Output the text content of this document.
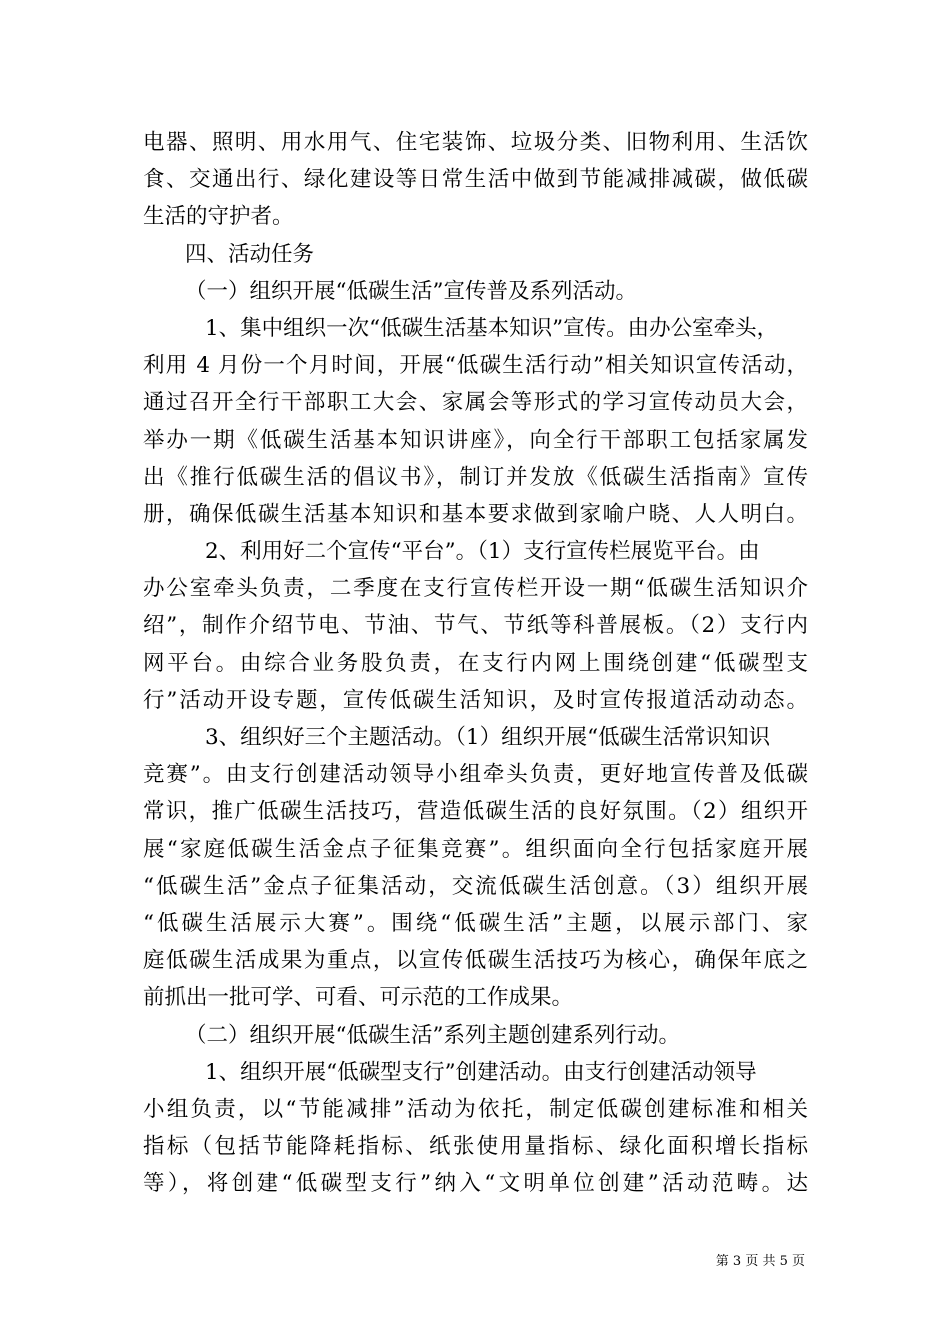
电器、照明、用水用气、住宅装饰、垃圾分类、旧物利用、生活饮
食、交通出行、绿化建设等日常生活中做到节能减排减碳，做低碳
生活的守护者。
四、活动任务
（一）组织开展“低碳生活”宣传普及系列活动。
1、集中组织一次“低碳生活基本知识”宣传。由办公室牵头，
利用 4 月份一个月时间，开展“低碳生活行动”相关知识宣传活动，
通过召开全行干部职工大会、家属会等形式的学习宣传动员大会，
举办一期《低碳生活基本知识讲座》，向全行干部职工包括家属发
出《推行低碳生活的倡议书》，制订并发放《低碳生活指南》宣传
册，确保低碳生活基本知识和基本要求做到家喻户晓、人人明白。
2、利用好二个宣传“平台”。（1）支行宣传栏展览平台。由
办公室牵头负责，二季度在支行宣传栏开设一期“低碳生活知识介
绍”，制作介绍节电、节油、节气、节纸等科普展板。（2）支行内
网平台。由综合业务股负责，在支行内网上围绕创建“低碳型支
行”活动开设专题，宣传低碳生活知识，及时宣传报道活动动态。
3、组织好三个主题活动。（1）组织开展“低碳生活常识知识
竞赛”。由支行创建活动领导小组牵头负责，更好地宣传普及低碳
常识，推广低碳生活技巧，营造低碳生活的良好氛围。（2）组织开
展“家庭低碳生活金点子征集竞赛”。组织面向全行包括家庭开展
“低碳生活”金点子征集活动，交流低碳生活创意。（3）组织开展
“低碳生活展示大赛”。围绕“低碳生活”主题，以展示部门、家
庭低碳生活成果为重点，以宣传低碳生活技巧为核心，确保年底之
前抓出一批可学、可看、可示范的工作成果。
（二）组织开展“低碳生活”系列主题创建系列行动。
1、组织开展“低碳型支行”创建活动。由支行创建活动领导
小组负责，以“节能减排”活动为依托，制定低碳创建标准和相关
指标（包括节能降耗指标、纸张使用量指标、绿化面积增长指标
等），将创建“低碳型支行”纳入“文明单位创建”活动范畴。达
第 3 页 共 5 页
